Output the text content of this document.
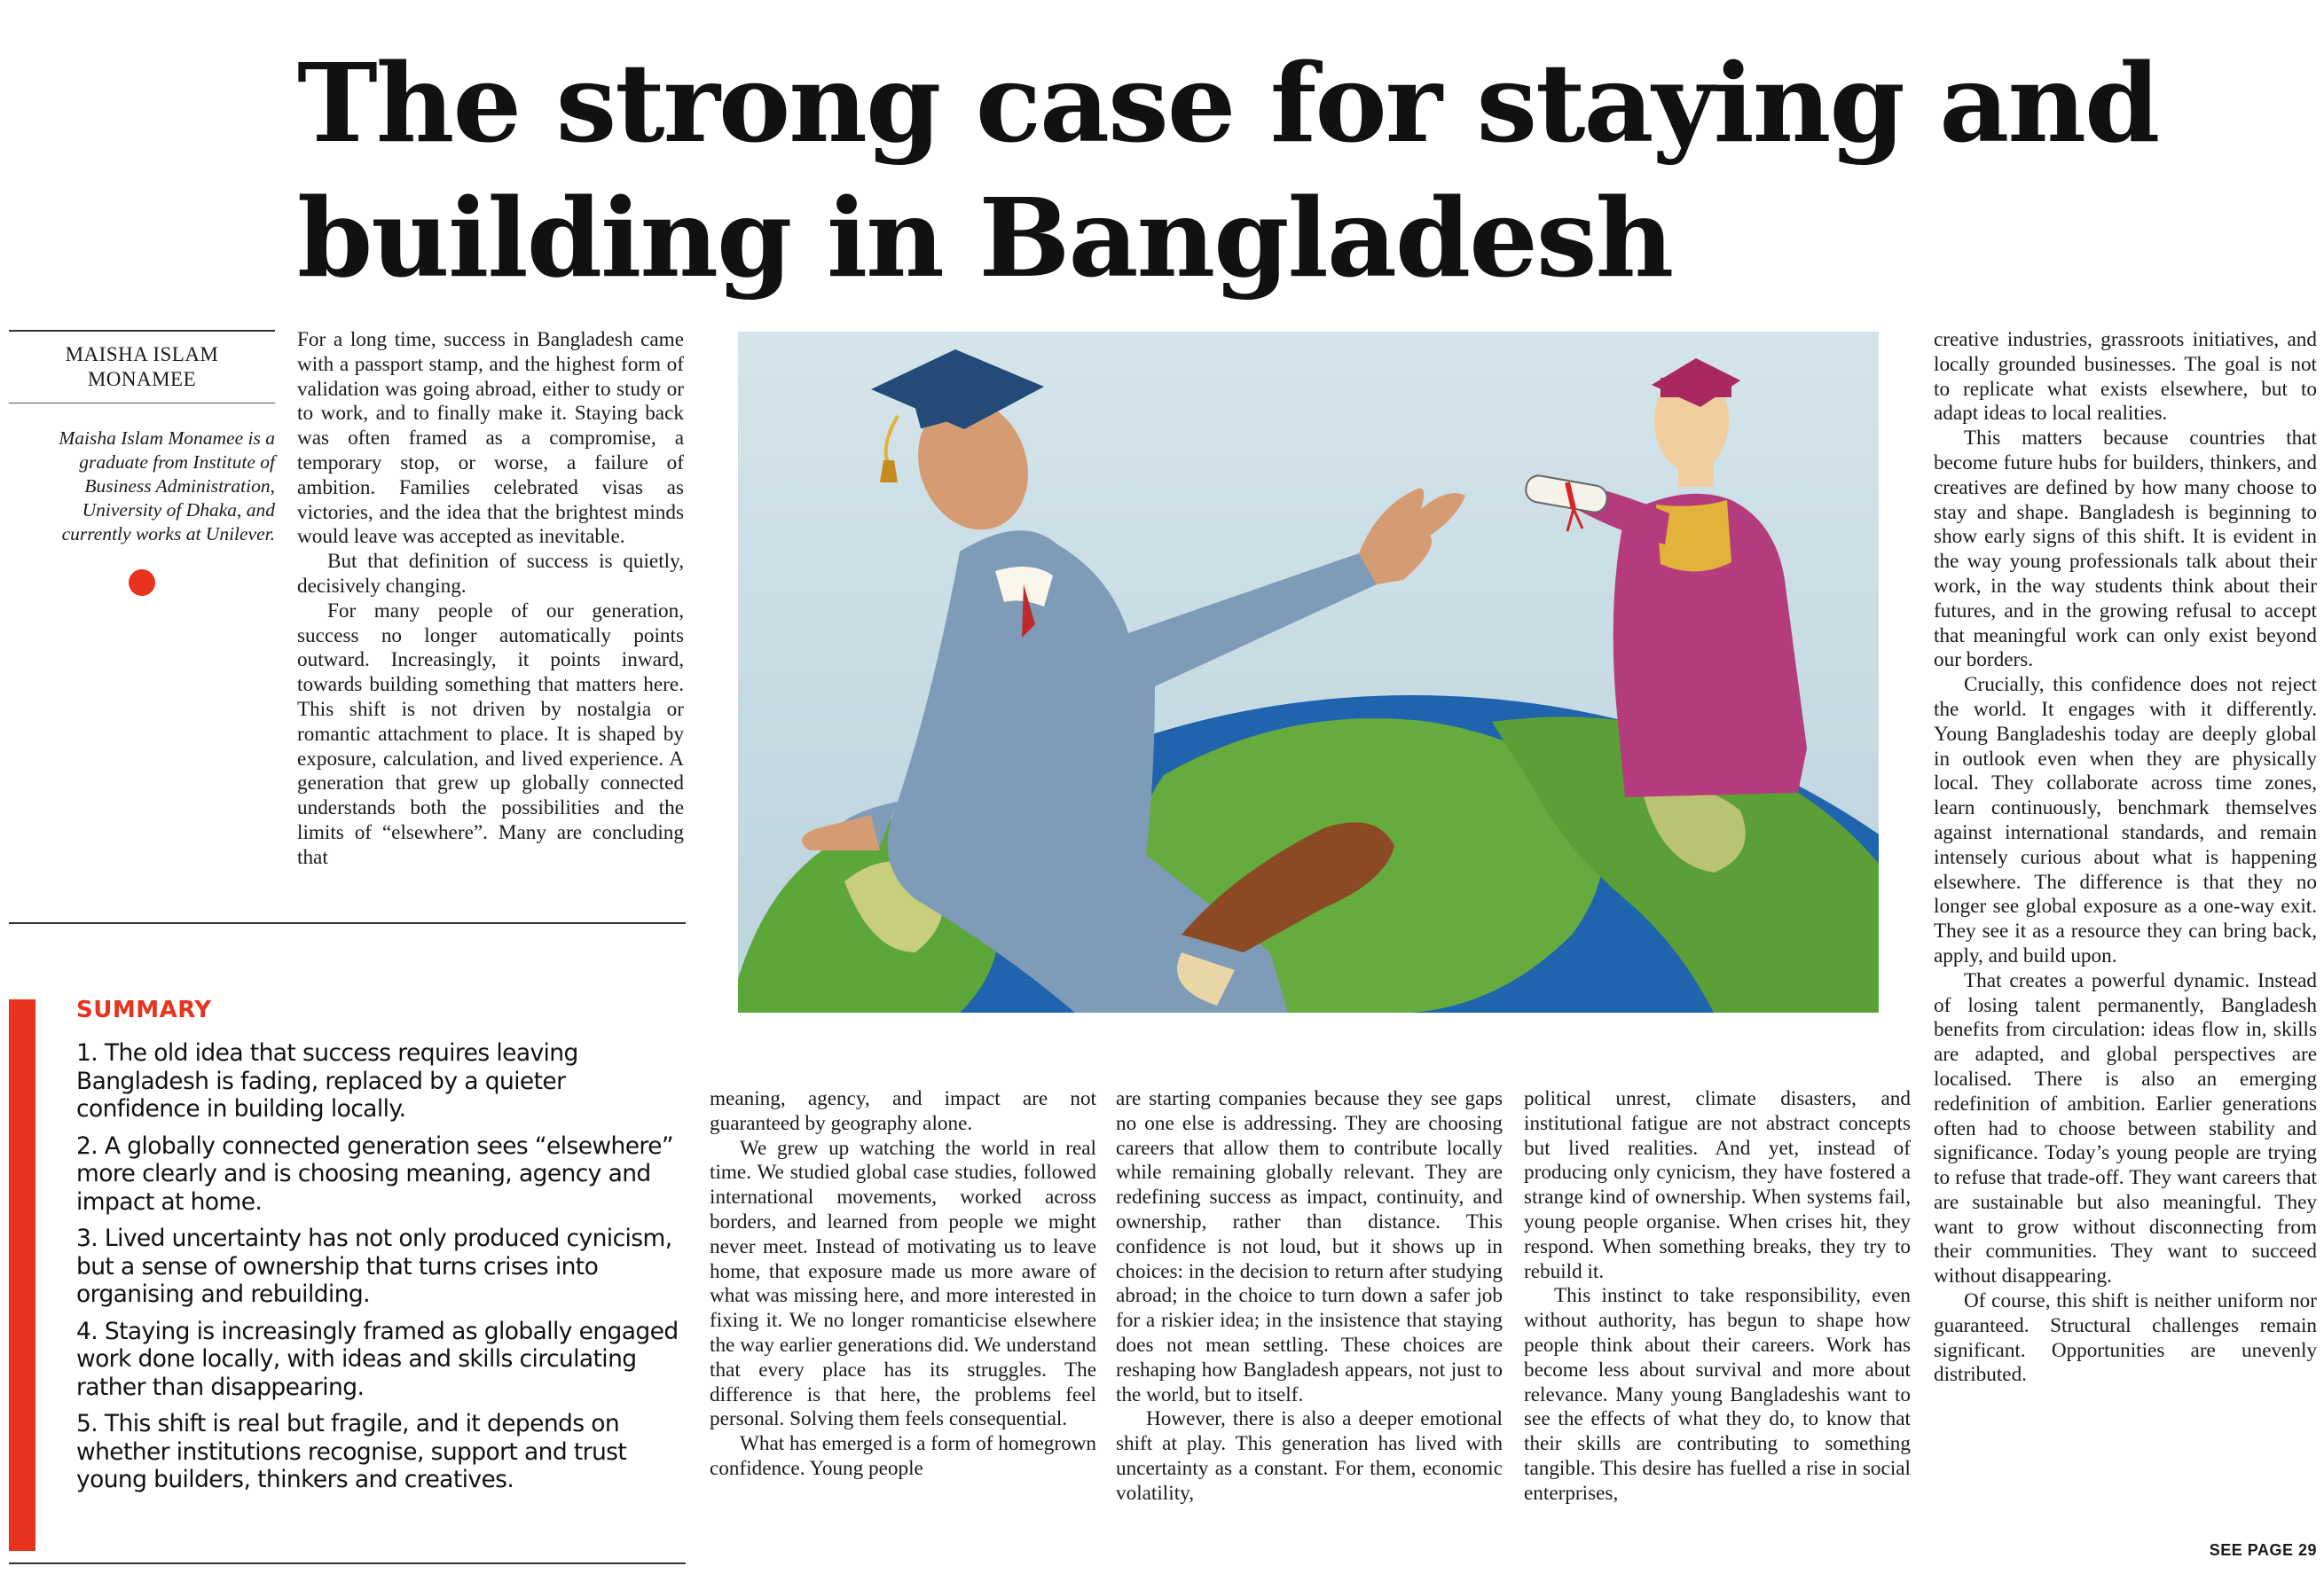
The strong case for staying and
building in Bangladesh
MAISHA ISLAM
MONAMEE

Maisha Islam Monamee is a graduate from Institute of Business Administration, University of Dhaka, and currently works at Unilever.

For a long time, success in Bangladesh came with a passport stamp, and the highest form of validation was going abroad, either to study or to work, and to finally make it. Staying back was often framed as a compromise, a temporary stop, or worse, a failure of ambition. Families celebrated visas as victories, and the idea that the brightest minds would leave was accepted as inevitable.

But that definition of success is quietly, decisively changing.

For many people of our generation, success no longer automatically points outward. Increasingly, it points inward, towards building something that matters here. This shift is not driven by nostalgia or romantic attachment to place. It is shaped by exposure, calculation, and lived experience. A generation that grew up globally connected understands both the possibilities and the limits of “elsewhere”. Many are concluding that

meaning, agency, and impact are not guaranteed by geography alone.

We grew up watching the world in real time. We studied global case studies, followed international movements, worked across borders, and learned from people we might never meet. Instead of motivating us to leave home, that exposure made us more aware of what was missing here, and more interested in fixing it. We no longer romanticise elsewhere the way earlier generations did. We understand that every place has its struggles. The difference is that here, the problems feel personal. Solving them feels consequential.

What has emerged is a form of homegrown confidence. Young people

are starting companies because they see gaps no one else is addressing. They are choosing careers that allow them to contribute locally while remaining globally relevant. They are redefining success as impact, continuity, and ownership, rather than distance. This confidence is not loud, but it shows up in choices: in the decision to return after studying abroad; in the choice to turn down a safer job for a riskier idea; in the insistence that staying does not mean settling. These choices are reshaping how Bangladesh appears, not just to the world, but to itself.

However, there is also a deeper emotional shift at play. This generation has lived with uncertainty as a constant. For them, economic volatility,

political unrest, climate disasters, and institutional fatigue are not abstract concepts but lived realities. And yet, instead of producing only cynicism, they have fostered a strange kind of ownership. When systems fail, young people organise. When crises hit, they respond. When something breaks, they try to rebuild it.

This instinct to take responsibility, even without authority, has begun to shape how people think about their careers. Work has become less about survival and more about relevance. Many young Bangladeshis want to see the effects of what they do, to know that their skills are contributing to something tangible. This desire has fuelled a rise in social enterprises,

creative industries, grassroots initiatives, and locally grounded businesses. The goal is not to replicate what exists elsewhere, but to adapt ideas to local realities.

This matters because countries that become future hubs for builders, thinkers, and creatives are defined by how many choose to stay and shape. Bangladesh is beginning to show early signs of this shift. It is evident in the way young professionals talk about their work, in the way students think about their futures, and in the growing refusal to accept that meaningful work can only exist beyond our borders.

Crucially, this confidence does not reject the world. It engages with it differently. Young Bangladeshis today are deeply global in outlook even when they are physically local. They collaborate across time zones, learn continuously, benchmark themselves against international standards, and remain intensely curious about what is happening elsewhere. The difference is that they no longer see global exposure as a one-way exit. They see it as a resource they can bring back, apply, and build upon.

That creates a powerful dynamic. Instead of losing talent permanently, Bangladesh benefits from circulation: ideas flow in, skills are adapted, and global perspectives are localised. There is also an emerging redefinition of ambition. Earlier generations often had to choose between stability and significance. Today’s young people are trying to refuse that trade-off. They want careers that are sustainable but also meaningful. They want to grow without disconnecting from their communities. They want to succeed without disappearing.

Of course, this shift is neither uniform nor guaranteed. Structural challenges remain significant. Opportunities are unevenly distributed.

SUMMARY

1. The old idea that success requires leaving Bangladesh is fading, replaced by a quieter confidence in building locally.

2. A globally connected generation sees “elsewhere” more clearly and is choosing meaning, agency and impact at home.

3. Lived uncertainty has not only produced cynicism, but a sense of ownership that turns crises into organising and rebuilding.

4. Staying is increasingly framed as globally engaged work done locally, with ideas and skills circulating rather than disappearing.

5. This shift is real but fragile, and it depends on whether institutions recognise, support and trust young builders, thinkers and creatives.

SEE PAGE 29
